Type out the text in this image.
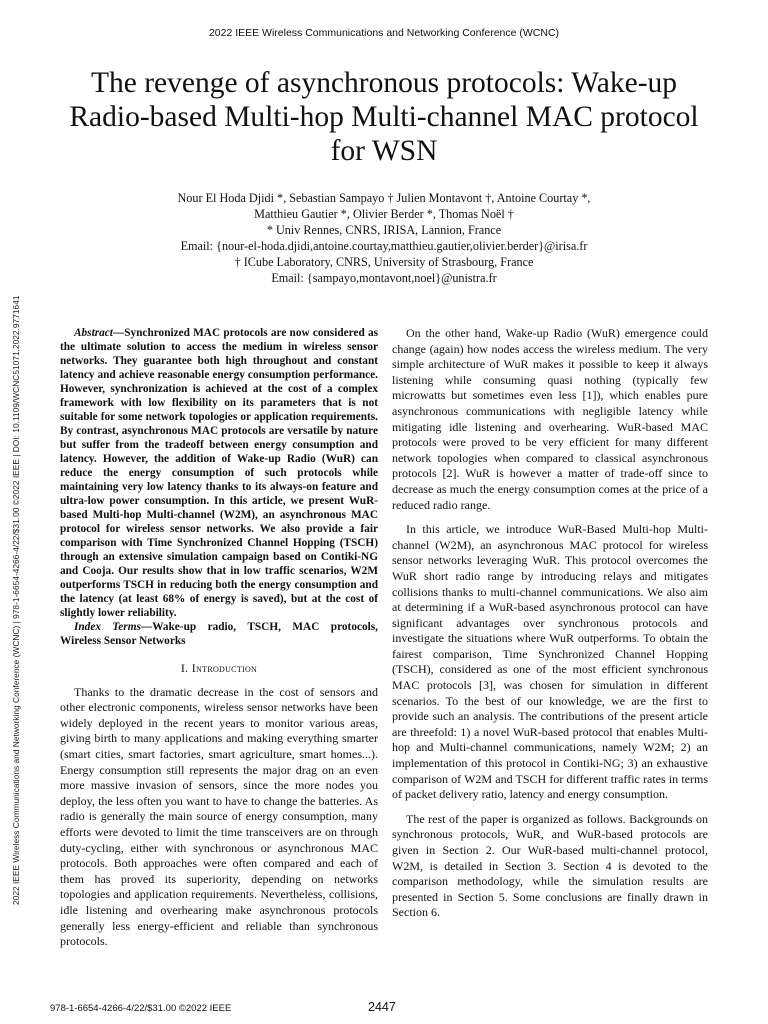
2022 IEEE Wireless Communications and Networking Conference (WCNC)
The revenge of asynchronous protocols: Wake-up Radio-based Multi-hop Multi-channel MAC protocol for WSN
Nour El Hoda Djidi *, Sebastian Sampayo † Julien Montavont †, Antoine Courtay *,
Matthieu Gautier *, Olivier Berder *, Thomas Noël †
* Univ Rennes, CNRS, IRISA, Lannion, France
Email: {nour-el-hoda.djidi,antoine.courtay,matthieu.gautier,olivier.berder}@irisa.fr
† ICube Laboratory, CNRS, University of Strasbourg, France
Email: {sampayo,montavont,noel}@unistra.fr
2022 IEEE Wireless Communications and Networking Conference (WCNC) | 978-1-6654-4266-4/22/$31.00 ©2022 IEEE | DOI: 10.1109/WCNC51071.2022.9771641	Abstract—Synchronized MAC protocols are now considered as the ultimate solution to access the medium in wireless sensor networks. They guarantee both high throughout and constant latency and achieve reasonable energy consumption performance. However, synchronization is achieved at the cost of a complex framework with low flexibility on its parameters that is not suitable for some network topologies or application requirements. By contrast, asynchronous MAC protocols are versatile by nature but suffer from the tradeoff between energy consumption and latency. However, the addition of Wake-up Radio (WuR) can reduce the energy consumption of such protocols while maintaining very low latency thanks to its always-on feature and ultra-low power consumption. In this article, we present WuR-based Multi-hop Multi-channel (W2M), an asynchronous MAC protocol for wireless sensor networks. We also provide a fair comparison with Time Synchronized Channel Hopping (TSCH) through an extensive simulation campaign based on Contiki-NG and Cooja. Our results show that in low traffic scenarios, W2M outperforms TSCH in reducing both the energy consumption and the latency (at least 68% of energy is saved), but at the cost of slightly lower reliability.

Index Terms—Wake-up radio, TSCH, MAC protocols, Wireless Sensor Networks

I. Introduction

Thanks to the dramatic decrease in the cost of sensors and other electronic components, wireless sensor networks have been widely deployed in the recent years to monitor various areas, giving birth to many applications and making everything smarter (smart cities, smart factories, smart agriculture, smart homes...). Energy consumption still represents the major drag on an even more massive invasion of sensors, since the more nodes you deploy, the less often you want to have to change the batteries. As radio is generally the main source of energy consumption, many efforts were devoted to limit the time transceivers are on through duty-cycling, either with synchronous or asynchronous MAC protocols. Both approaches were often compared and each of them has proved its superiority, depending on networks topologies and application requirements. Nevertheless, collisions, idle listening and overhearing make asynchronous protocols generally less energy-efficient and reliable than synchronous protocols.

On the other hand, Wake-up Radio (WuR) emergence could change (again) how nodes access the wireless medium. The very simple architecture of WuR makes it possible to keep it always listening while consuming quasi nothing (typically few microwatts but sometimes even less [1]), which enables pure asynchronous communications with negligible latency while mitigating idle listening and overhearing. WuR-based MAC protocols were proved to be very efficient for many different network topologies when compared to classical asynchronous protocols [2]. WuR is however a matter of trade-off since to decrease as much the energy consumption comes at the price of a reduced radio range.

In this article, we introduce WuR-Based Multi-hop Multi-channel (W2M), an asynchronous MAC protocol for wireless sensor networks leveraging WuR. This protocol overcomes the WuR short radio range by introducing relays and mitigates collisions thanks to multi-channel communications. We also aim at determining if a WuR-based asynchronous protocol can have significant advantages over synchronous protocols and investigate the situations where WuR outperforms. To obtain the fairest comparison, Time Synchronized Channel Hopping (TSCH), considered as one of the most efficient synchronous MAC protocols [3], was chosen for simulation in different scenarios. To the best of our knowledge, we are the first to provide such an analysis. The contributions of the present article are threefold: 1) a novel WuR-based protocol that enables Multi-hop and Multi-channel communications, namely W2M; 2) an implementation of this protocol in Contiki-NG; 3) an exhaustive comparison of W2M and TSCH for different traffic rates in terms of packet delivery ratio, latency and energy consumption.

The rest of the paper is organized as follows. Backgrounds on synchronous protocols, WuR, and WuR-based protocols are given in Section 2. Our WuR-based multi-channel protocol, W2M, is detailed in Section 3. Section 4 is devoted to the comparison methodology, while the simulation results are presented in Section 5. Some conclusions are finally drawn in Section 6.

978-1-6654-4266-4/22/$31.00 ©2022 IEEE	2447
